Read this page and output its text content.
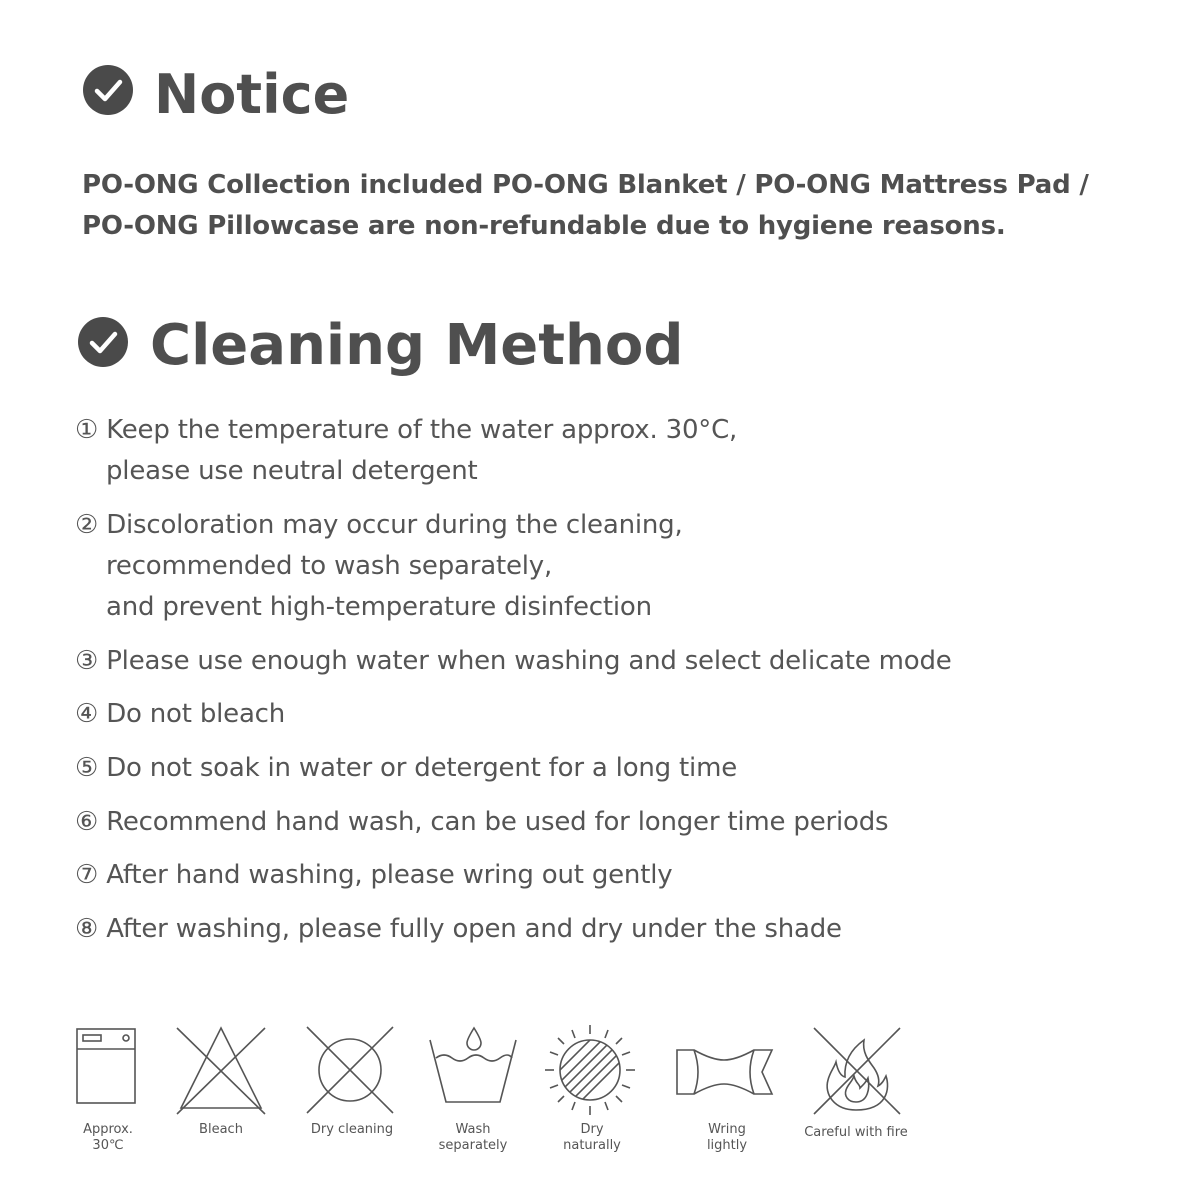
Notice
PO-ONG Collection included PO-ONG Blanket / PO-ONG Mattress Pad /
PO-ONG Pillowcase are non-refundable due to hygiene reasons.
Cleaning Method
① Keep the temperature of the water approx. 30°C,
please use neutral detergent
② Discoloration may occur during the cleaning,
recommended to wash separately,
and prevent high-temperature disinfection
③ Please use enough water when washing and select delicate mode
④ Do not bleach
⑤ Do not soak in water or detergent for a long time
⑥ Recommend hand wash, can be used for longer time periods
⑦ After hand washing, please wring out gently
⑧ After washing, please fully open and dry under the shade
Approx.
30℃
Bleach	Dry cleaning	Wash
separately
Dry
naturally
Wring
lightly
Careful with fire
